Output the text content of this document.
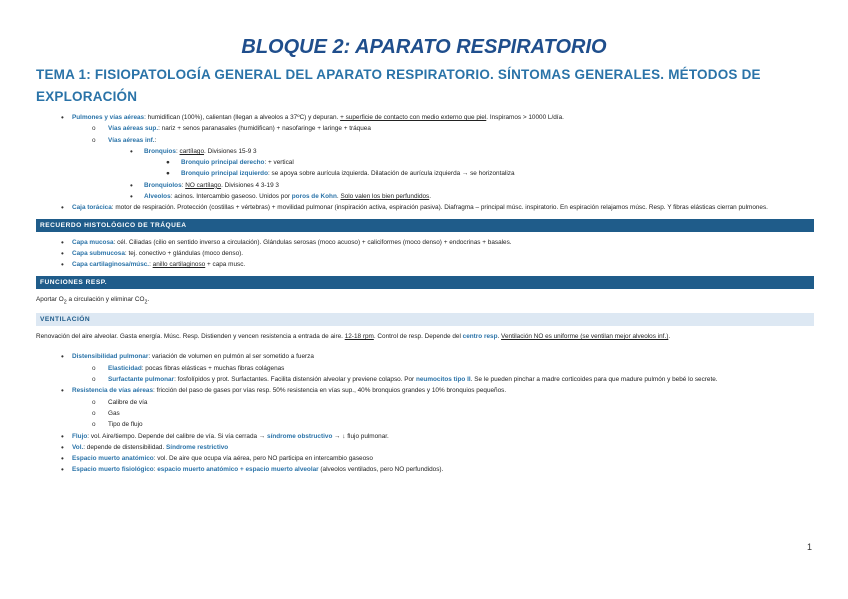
BLOQUE 2: APARATO RESPIRATORIO
TEMA 1: FISIOPATOLOGÍA GENERAL DEL APARATO RESPIRATORIO. SÍNTOMAS GENERALES. MÉTODOS DE EXPLORACIÓN
• Pulmones y vías aéreas: humidifican (100%), calientan (llegan a alveolos a 37ºC) y depuran. + superficie de contacto con medio externo que piel. Inspiramos > 10000 L/día.
o Vías aéreas sup.: nariz + senos paranasales (humidifican) + nasofaringe + laringe + tráquea
o Vías aéreas inf.:
• Bronquios: cartílago. Divisiones 15-9 3
● Bronquio principal derecho: + vertical
● Bronquio principal izquierdo: se apoya sobre aurícula izquierda. Dilatación de aurícula izquierda → se horizontaliza
• Bronquiolos: NO cartílago. Divisiones 4 3-19 3
• Alveolos: acinos. Intercambio gaseoso. Unidos por poros de Kohn. Solo valen los bien perfundidos.
• Caja torácica: motor de respiración. Protección (costillas + vértebras) + movilidad pulmonar (inspiración activa, espiración pasiva). Diafragma – principal músc. inspiratorio. En espiración relajamos músc. Resp. Y fibras elásticas cierran pulmones.
RECUERDO HISTOLÓGICO DE TRÁQUEA
• Capa mucosa: cél. Ciliadas (cilio en sentido inverso a circulación). Glándulas serosas (moco acuoso) + caliciformes (moco denso) + endocrinas + basales.
• Capa submucosa: tej. conectivo + glándulas (moco denso).
• Capa cartilaginosa/músc.: anillo cartilaginoso + capa musc.
FUNCIONES RESP.
Aportar $O_2$ a circulación y eliminar $CO_2$.
VENTILACIÓN
Renovación del aire alveolar. Gasta energía. Músc. Resp. Distienden y vencen resistencia a entrada de aire. 12-18 rpm. Control de resp. Depende del centro resp. Ventilación NO es uniforme (se ventilan mejor alveolos inf.).
• Distensibilidad pulmonar: variación de volumen en pulmón al ser sometido a fuerza
o Elasticidad: pocas fibras elásticas + muchas fibras colágenas
o Surfactante pulmonar: fosfolípidos y prot. Surfactantes. Facilita distensión alveolar y previene colapso. Por neumocitos tipo II. Se le pueden pinchar a madre corticoides para que madure pulmón y bebé lo secrete.
• Resistencia de vías aéreas: fricción del paso de gases por vías resp. 50% resistencia en vías sup., 40% bronquios grandes y 10% bronquios pequeños.
o Calibre de vía
o Gas
o Tipo de flujo
• Flujo: vol. Aire/tiempo. Depende del calibre de vía. Si vía cerrada → síndrome obstructivo → ↓ flujo pulmonar.
• Vol.: depende de distensibilidad. Síndrome restrictivo
• Espacio muerto anatómico: vol. De aire que ocupa vía aérea, pero NO participa en intercambio gaseoso
• Espacio muerto fisiológico: espacio muerto anatómico + espacio muerto alveolar (alveolos ventilados, pero NO perfundidos).
1
